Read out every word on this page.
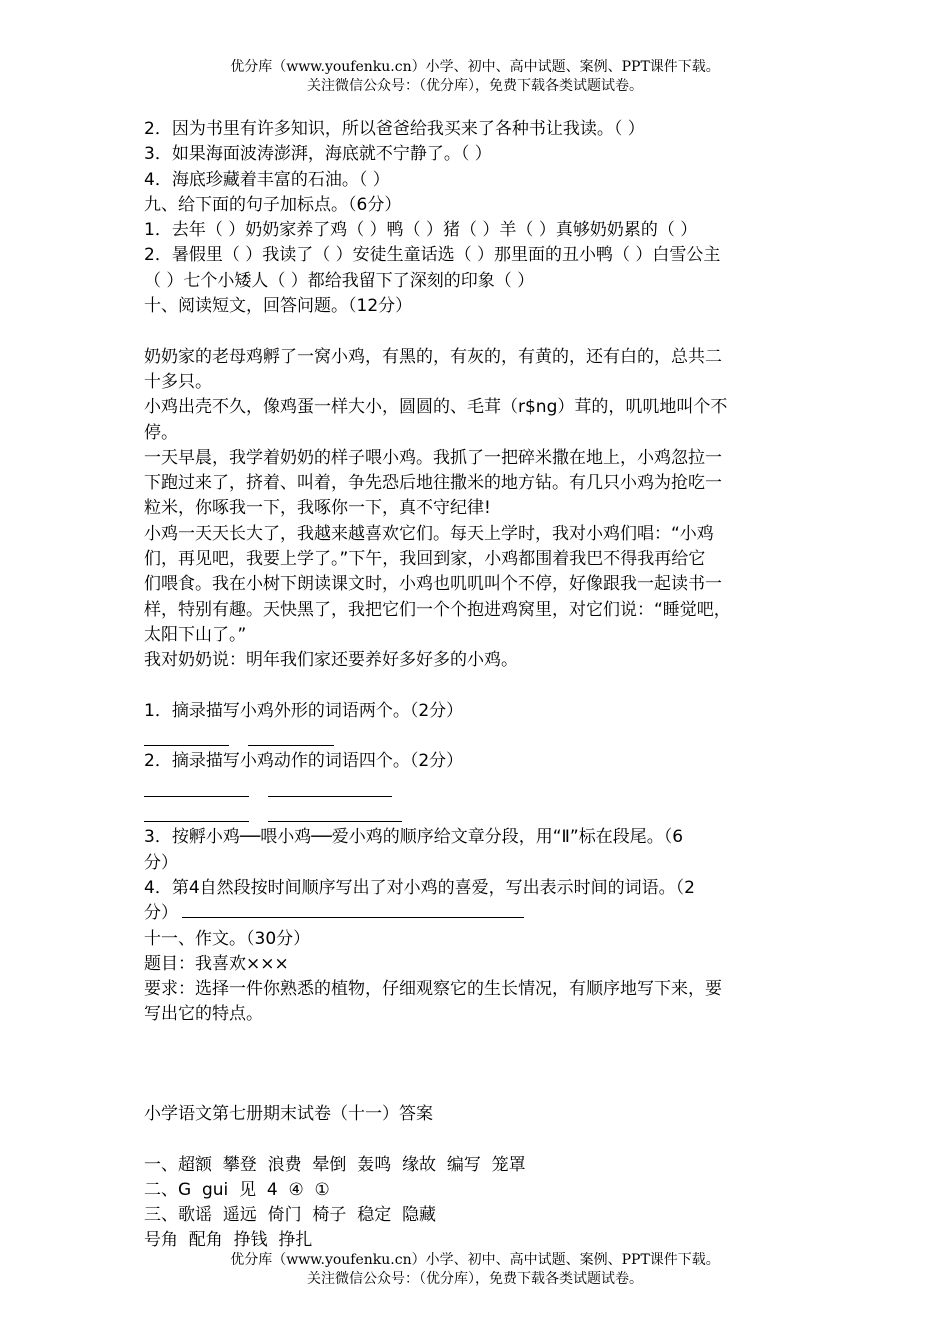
优分库（www.youfenku.cn）小学、初中、高中试题、案例、PPT课件下载。
关注微信公众号：（优分库），免费下载各类试题试卷。
2．因为书里有许多知识，所以爸爸给我买来了各种书让我读。（ ）
3．如果海面波涛澎湃，海底就不宁静了。（ ）
4．海底珍藏着丰富的石油。（ ）
九、给下面的句子加标点。（6分）
1．去年（ ）奶奶家养了鸡（ ）鸭（ ）猪（ ）羊（ ）真够奶奶累的（ ）
2．暑假里（ ）我读了（ ）安徒生童话选（ ）那里面的丑小鸭（ ）白雪公主
（ ）七个小矮人（ ）都给我留下了深刻的印象（ ）
十、阅读短文，回答问题。（12分）
奶奶家的老母鸡孵了一窝小鸡，有黑的，有灰的，有黄的，还有白的，总共二
十多只。
小鸡出壳不久，像鸡蛋一样大小，圆圆的、毛茸（r$ng）茸的，叽叽地叫个不
停。
一天早晨，我学着奶奶的样子喂小鸡。我抓了一把碎米撒在地上，小鸡忽拉一
下跑过来了，挤着、叫着，争先恐后地往撒米的地方钻。有几只小鸡为抢吃一
粒米，你啄我一下，我啄你一下，真不守纪律!
小鸡一天天长大了，我越来越喜欢它们。每天上学时，我对小鸡们唱：“小鸡
们，再见吧，我要上学了。”下午，我回到家，小鸡都围着我巴不得我再给它
们喂食。我在小树下朗读课文时，小鸡也叽叽叫个不停，好像跟我一起读书一
样，特别有趣。天快黑了，我把它们一个个抱进鸡窝里，对它们说：“睡觉吧，
太阳下山了。”
我对奶奶说：明年我们家还要养好多好多的小鸡。
1．摘录描写小鸡外形的词语两个。（2分）
2．摘录描写小鸡动作的词语四个。（2分）
3．按孵小鸡──喂小鸡──爱小鸡的顺序给文章分段，用“Ⅱ”标在段尾。（6
分）
4．第4自然段按时间顺序写出了对小鸡的喜爱，写出表示时间的词语。（2
分）
十一、作文。（30分）
题目：我喜欢×××
要求：选择一件你熟悉的植物，仔细观察它的生长情况，有顺序地写下来，要
写出它的特点。
小学语文第七册期末试卷（十一）答案
一、超额  攀登  浪费  晕倒  轰鸣  缘故  编写  笼罩
二、G  gui  见  4  ④  ①
三、歌谣  遥远  倚门  椅子  稳定  隐藏
号角  配角  挣钱  挣扎
优分库（www.youfenku.cn）小学、初中、高中试题、案例、PPT课件下载。
关注微信公众号：（优分库），免费下载各类试题试卷。
